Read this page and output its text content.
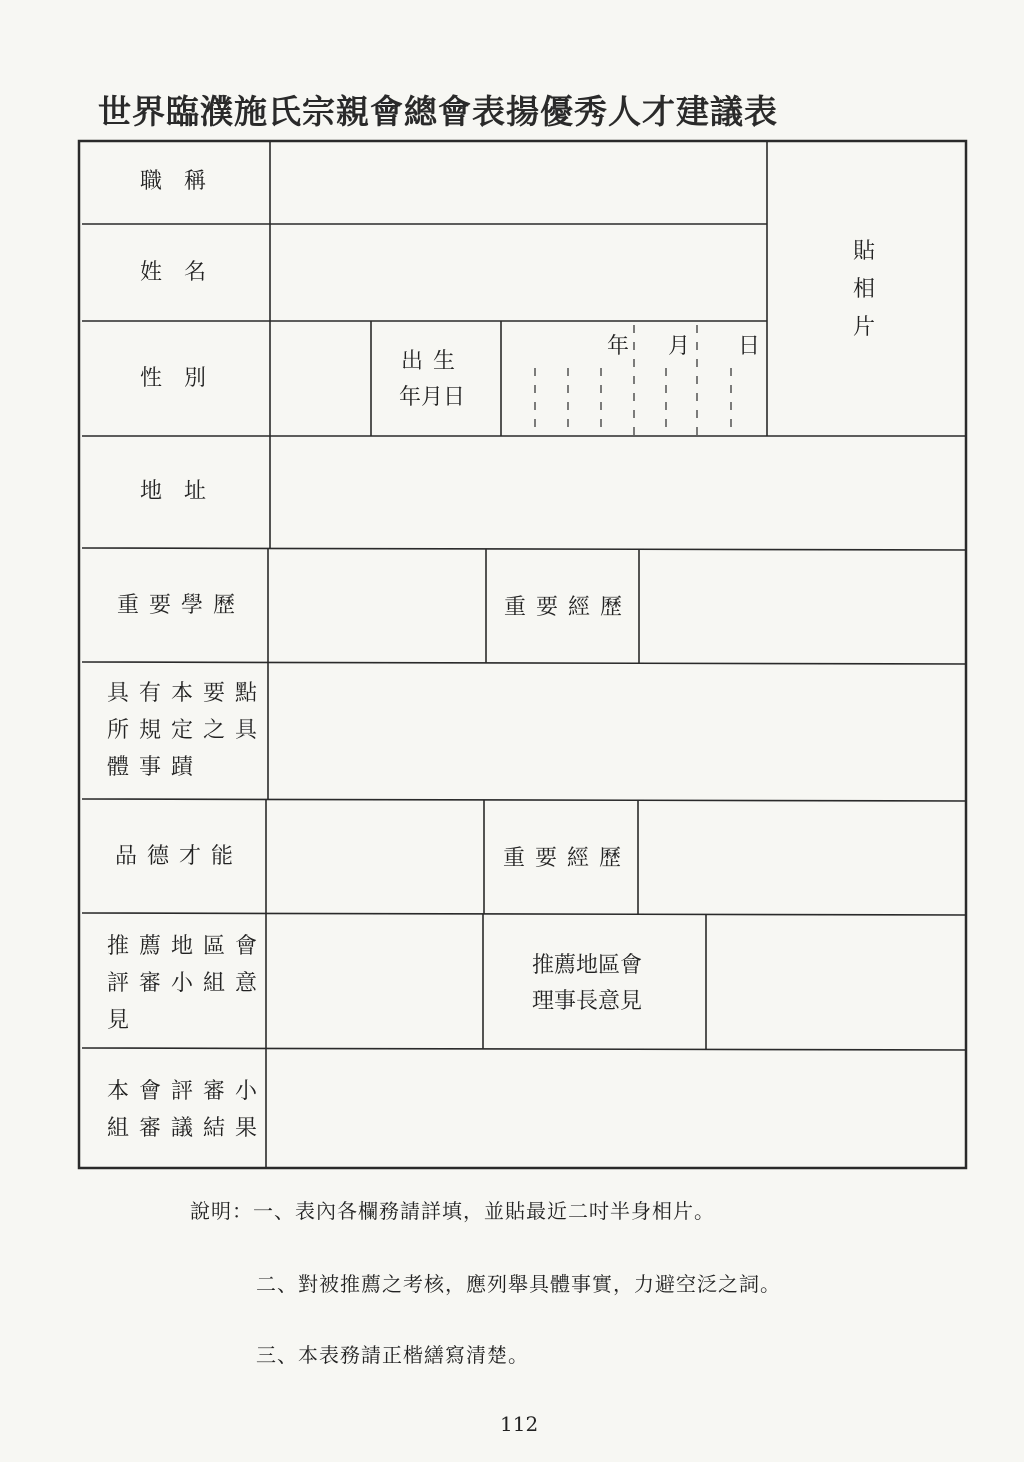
世界臨濮施氏宗親會總會表揚優秀人才建議表
職稱
姓名
貼
相
片
性別
出生
年月日
年 月 日
地址
重要學歷	重要經歷
具有本要點
所規定之具
體事蹟
品德才能	重要經歷
推薦地區會
評審小組意
見
推薦地區會
理事長意見
本會評審小
組審議結果
說明：一、表內各欄務請詳填，並貼最近二吋半身相片。
二、對被推薦之考核，應列舉具體事實，力避空泛之詞。
三、本表務請正楷繕寫清楚。
112
